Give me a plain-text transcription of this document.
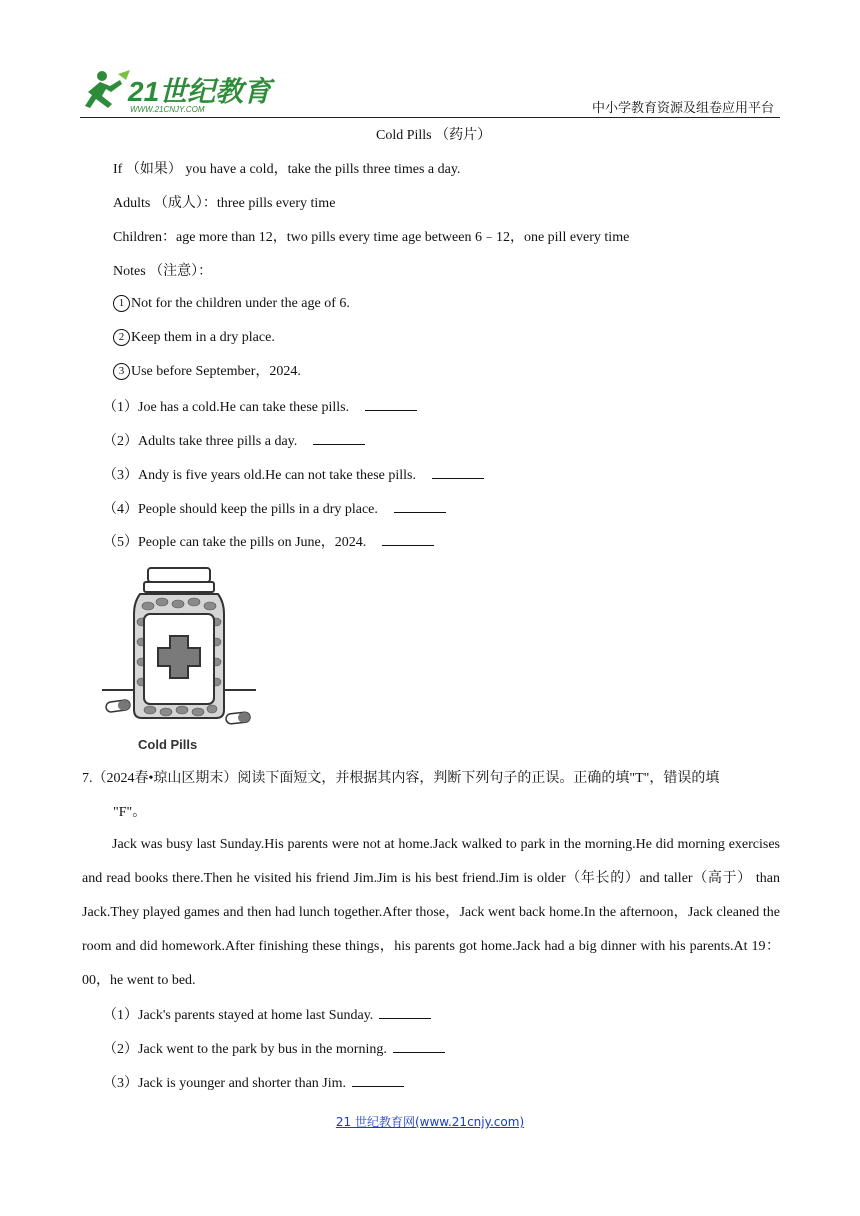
21世纪教育
WWW.21CNJY.COM	中小学教育资源及组卷应用平台
Cold Pills （药片）
If （如果） you have a cold，take the pills three times a day.
Adults （成人）：three pills every time
Children：age more than 12，two pills every time age between 6﹣12，one pill every time
Notes （注意）：
1 Not for the children under the age of 6.
2 Keep them in a dry place.
3 Use before September，2024.
（1）Joe has a cold.He can take these pills.
（2）Adults take three pills a day.
（3）Andy is five years old.He can not take these pills.
（4）People should keep the pills in a dry place.
（5）People can take the pills on June，2024.
Cold Pills
7.（2024春•琼山区期末）阅读下面短文，并根据其内容，判断下列句子的正误。正确的填"T"，错误的填
"F"。

Jack was busy last Sunday.His parents were not at home.Jack walked to park in the morning.He did morning exercises and read books there.Then he visited his friend Jim.Jim is his best friend.Jim is older（年长的）and taller（高于） than Jack.They played games and then had lunch together.After those，Jack went back home.In the afternoon，Jack cleaned the room and did homework.After finishing these things，his parents got home.Jack had a big dinner with his parents.At 19：00，he went to bed.

（1）Jack's parents stayed at home last Sunday.
（2）Jack went to the park by bus in the morning.
（3）Jack is younger and shorter than Jim.
21 世纪教育网(www.21cnjy.com)
